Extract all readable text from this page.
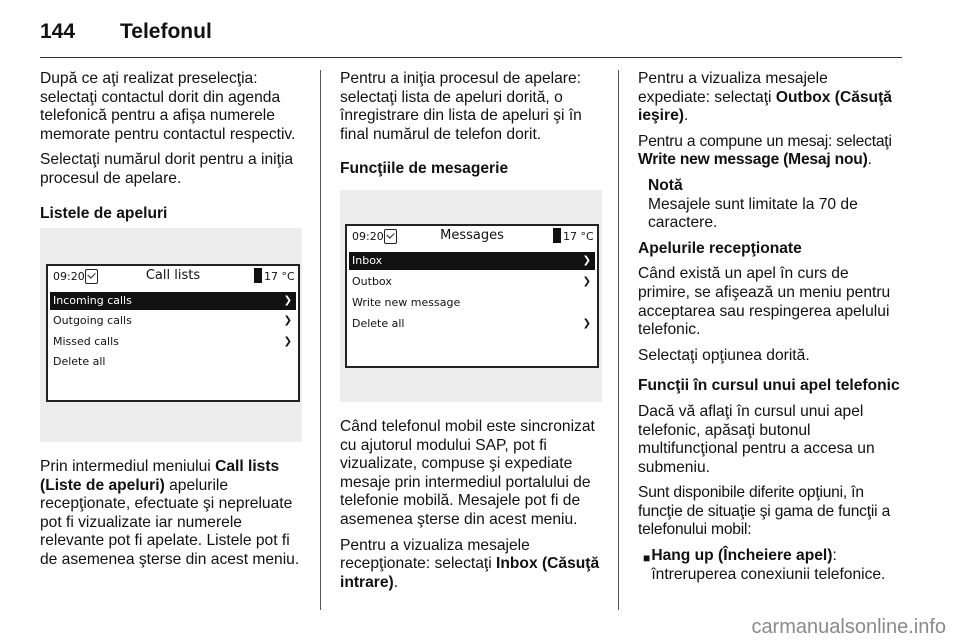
144 Telefonul

După ce aţi realizat preselecţia: selectaţi contactul dorit din agenda telefonică pentru a afişa numerele memorate pentru contactul respectiv.

Selectaţi numărul dorit pentru a iniţia procesul de apelare.

Listele de apeluri

09:20	Call lists	17 °C
Incoming calls	❯
Outgoing calls	❯
Missed calls	❯
Delete all

Prin intermediul meniului Call lists (Liste de apeluri) apelurile recepţionate, efectuate şi nepreluate pot fi vizualizate iar numerele relevante pot fi apelate. Listele pot fi de asemenea şterse din acest meniu.

Pentru a iniţia procesul de apelare: selectaţi lista de apeluri dorită, o înregistrare din lista de apeluri şi în final numărul de telefon dorit.

Funcţiile de mesagerie

09:20	Messages	17 °C
Inbox	❯
Outbox	❯
Write new message
Delete all	❯

Când telefonul mobil este sincronizat cu ajutorul modului SAP, pot fi vizualizate, compuse şi expediate mesaje prin intermediul portalului de telefonie mobilă. Mesajele pot fi de asemenea şterse din acest meniu.

Pentru a vizualiza mesajele recepţionate: selectaţi Inbox (Căsuţă intrare).

Pentru a vizualiza mesajele expediate: selectaţi Outbox (Căsuţă ieşire).

Pentru a compune un mesaj: selectaţi Write new message (Mesaj nou).

Notă
Mesajele sunt limitate la 70 de caractere.

Apelurile recepţionate

Când există un apel în curs de primire, se afişează un meniu pentru acceptarea sau respingerea apelului telefonic.

Selectaţi opţiunea dorită.

Funcţii în cursul unui apel telefonic

Dacă vă aflaţi în cursul unui apel telefonic, apăsaţi butonul multifuncţional pentru a accesa un submeniu.

Sunt disponibile diferite opţiuni, în funcţie de situaţie şi gama de funcţii a telefonului mobil:

■ Hang up (Încheiere apel): întreruperea conexiunii telefonice.
carmanualsonline.info
